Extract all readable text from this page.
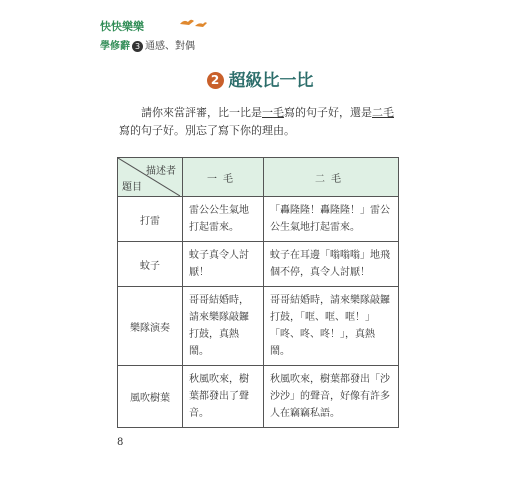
快快樂樂
學修辭 3 通感、對偶
2 超級比一比
請你來當評審，比一比是一毛寫的句子好，還是二毛寫的句子好。別忘了寫下你的理由。
描述者
題目	一毛	二毛
打雷	雷公公生氣地打起雷來。	「轟隆隆！轟隆隆！」雷公公生氣地打起雷來。
蚊子	蚊子真令人討厭！	蚊子在耳邊「嗡嗡嗡」地飛個不停，真令人討厭！
樂隊演奏	哥哥結婚時，請來樂隊敲鑼打鼓，真熱鬧。	哥哥結婚時，請來樂隊敲鑼打鼓，「哐、哐、哐！」「咚、咚、咚！」，真熱鬧。
風吹樹葉	秋風吹來，樹葉都發出了聲音。	秋風吹來，樹葉都發出「沙沙沙」的聲音，好像有許多人在竊竊私語。
8
